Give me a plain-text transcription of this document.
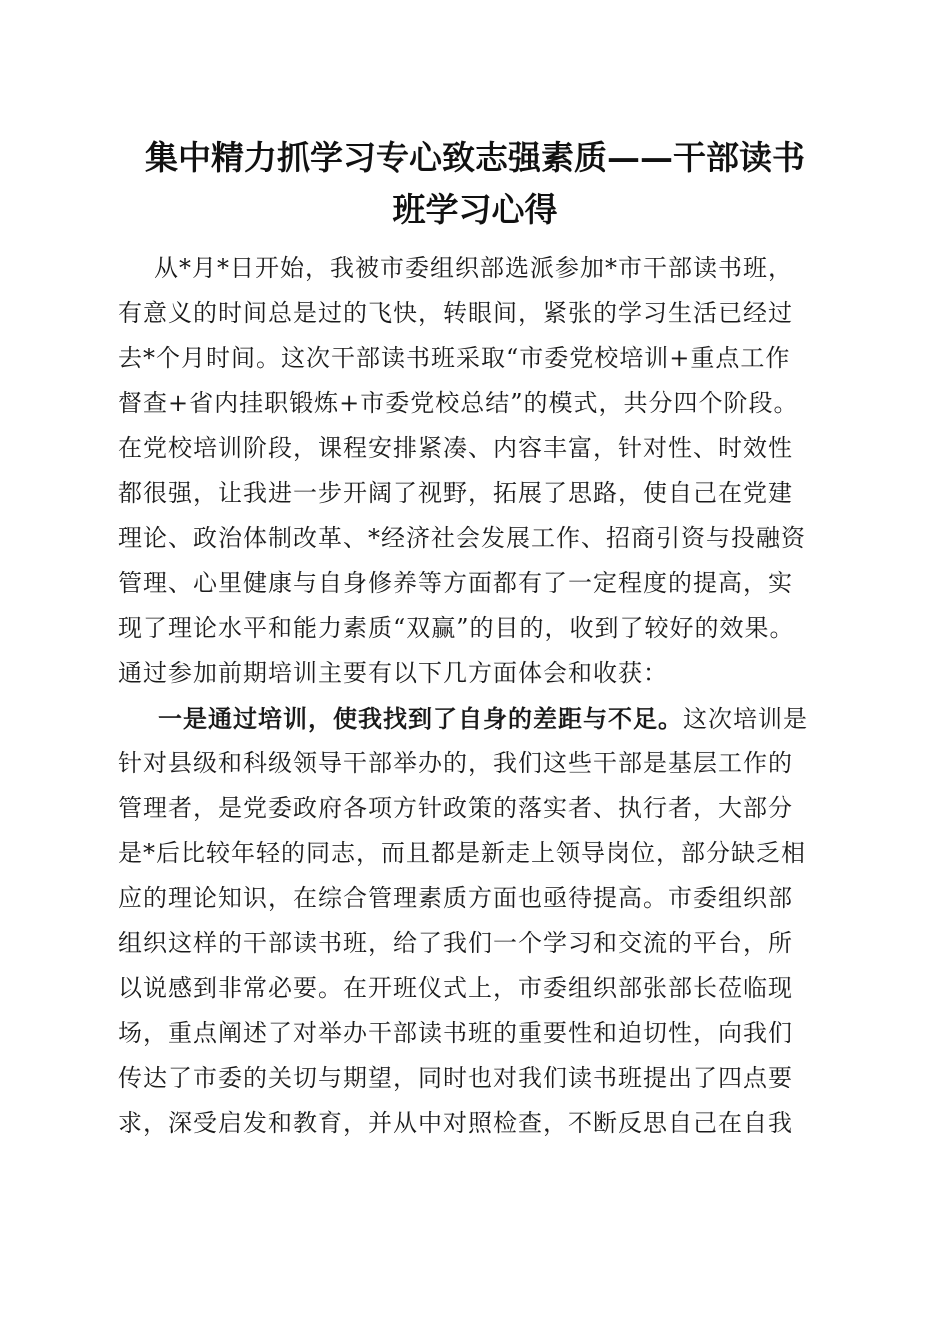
集中精力抓学习专心致志强素质——干部读书
班学习心得
从*月*日开始，我被市委组织部选派参加*市干部读书班，
有意义的时间总是过的飞快，转眼间，紧张的学习生活已经过
去*个月时间。这次干部读书班采取“市委党校培训+重点工作
督查+省内挂职锻炼+市委党校总结”的模式，共分四个阶段。
在党校培训阶段，课程安排紧凑、内容丰富，针对性、时效性
都很强，让我进一步开阔了视野，拓展了思路，使自己在党建
理论、政治体制改革、*经济社会发展工作、招商引资与投融资
管理、心里健康与自身修养等方面都有了一定程度的提高，实
现了理论水平和能力素质“双赢”的目的，收到了较好的效果。
通过参加前期培训主要有以下几方面体会和收获：
一是通过培训，使我找到了自身的差距与不足。这次培训是
针对县级和科级领导干部举办的，我们这些干部是基层工作的
管理者，是党委政府各项方针政策的落实者、执行者，大部分
是*后比较年轻的同志，而且都是新走上领导岗位，部分缺乏相
应的理论知识，在综合管理素质方面也亟待提高。市委组织部
组织这样的干部读书班，给了我们一个学习和交流的平台，所
以说感到非常必要。在开班仪式上，市委组织部张部长莅临现
场，重点阐述了对举办干部读书班的重要性和迫切性，向我们
传达了市委的关切与期望，同时也对我们读书班提出了四点要
求，深受启发和教育，并从中对照检查，不断反思自己在自我
